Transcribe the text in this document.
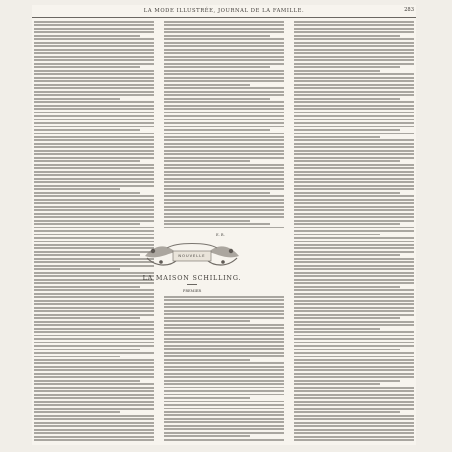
LA MODE ILLUSTRÉE, JOURNAL DE LA FAMILLE.	283
E. R.
NOUVELLE
LA MAISON SCHILLING.
PREMIER
